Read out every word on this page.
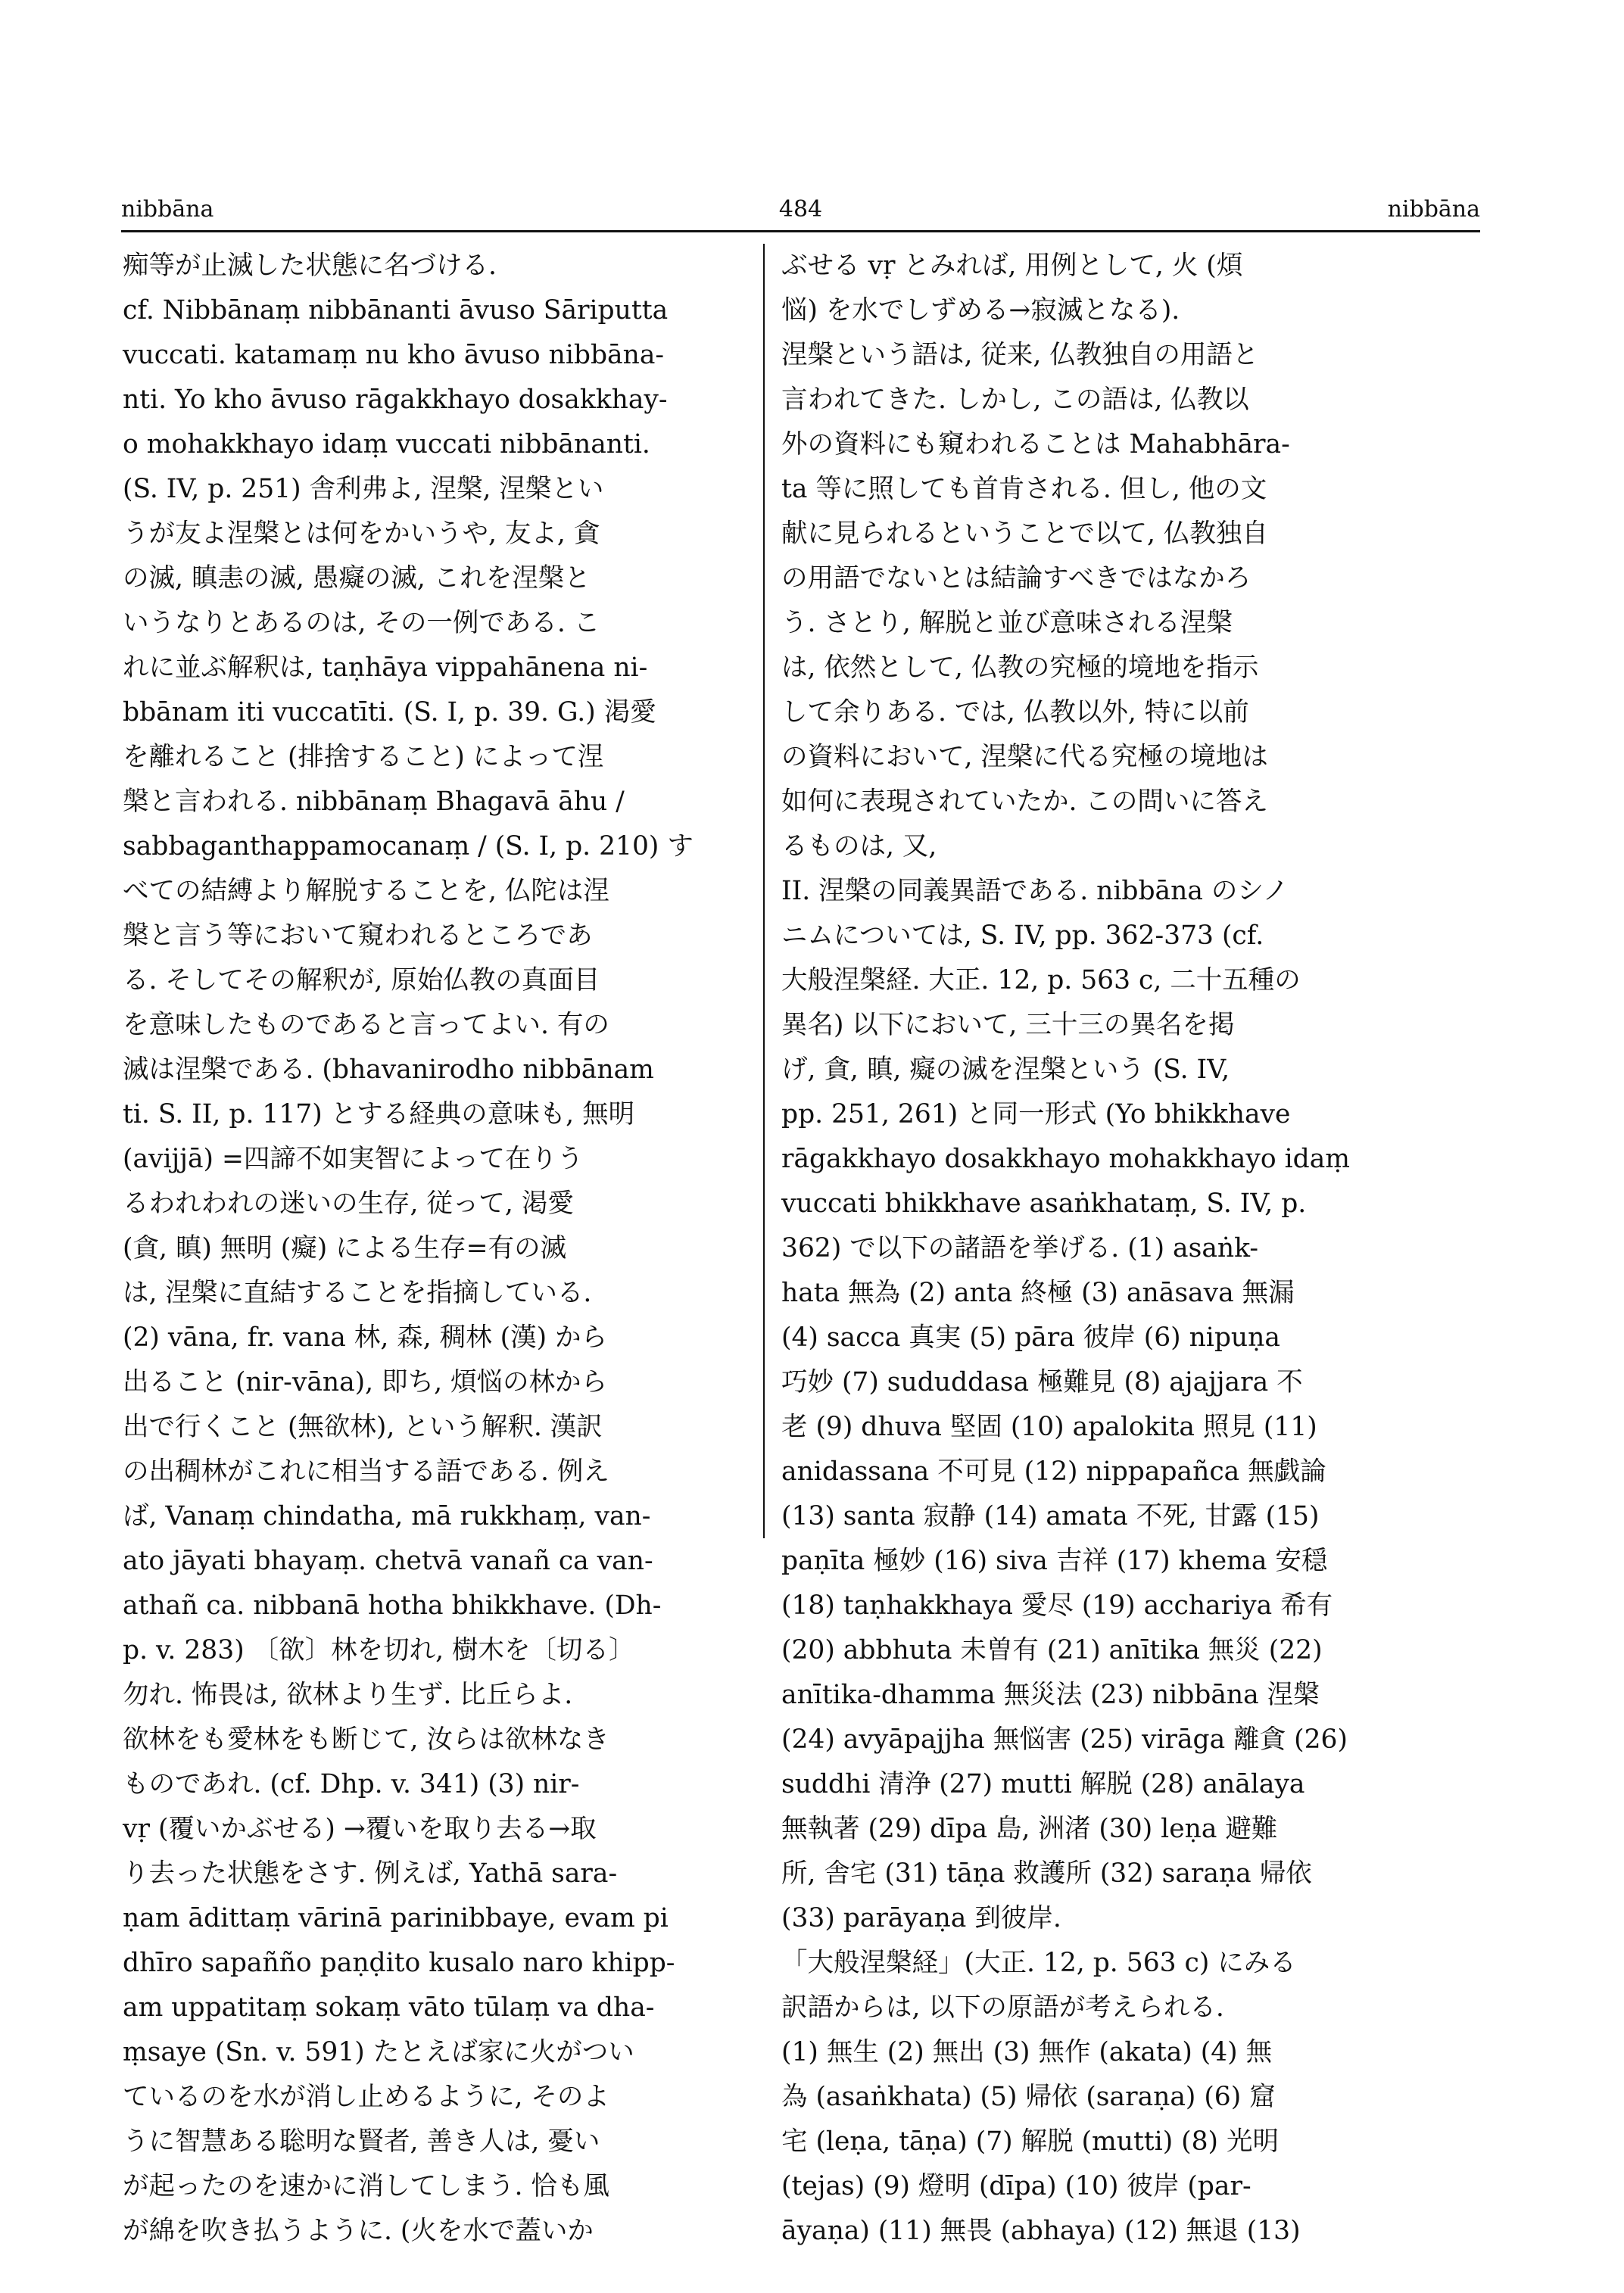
nibbāna	484	nibbāna
痴等が止滅した状態に名づける.
cf. Nibbānaṃ nibbānanti āvuso Sāriputta
vuccati. katamaṃ nu kho āvuso nibbāna-
nti. Yo kho āvuso rāgakkhayo dosakkhay-
o mohakkhayo idaṃ vuccati nibbānanti.
(S. IV, p. 251) 舎利弗よ, 涅槃, 涅槃とい
うが友よ涅槃とは何をかいうや, 友よ, 貪
の滅, 瞋恚の滅, 愚癡の滅, これを涅槃と
いうなりとあるのは, その一例である. こ
れに並ぶ解釈は, taṇhāya vippahānena ni-
bbānam iti vuccatīti. (S. I, p. 39. G.) 渇愛
を離れること (排捨すること) によって涅
槃と言われる. nibbānaṃ Bhagavā āhu /
sabbaganthappamocanaṃ / (S. I, p. 210) す
べての結縛より解脱することを, 仏陀は涅
槃と言う等において窺われるところであ
る. そしてその解釈が, 原始仏教の真面目
を意味したものであると言ってよい. 有の
滅は涅槃である. (bhavanirodho nibbānam
ti. S. II, p. 117) とする経典の意味も, 無明
(avijjā) =四諦不如実智によって在りう
るわれわれの迷いの生存, 従って, 渇愛
(貪, 瞋) 無明 (癡) による生存=有の滅
は, 涅槃に直結することを指摘している.
(2) vāna, fr. vana 林, 森, 稠林 (漢) から
出ること (nir-vāna), 即ち, 煩悩の林から
出で行くこと (無欲林), という解釈. 漢訳
の出稠林がこれに相当する語である. 例え
ば, Vanaṃ chindatha, mā rukkhaṃ, van-
ato jāyati bhayaṃ. chetvā vanañ ca van-
athañ ca. nibbanā hotha bhikkhave. (Dh-
p. v. 283) 〔欲〕林を切れ, 樹木を〔切る〕
勿れ. 怖畏は, 欲林より生ず. 比丘らよ.
欲林をも愛林をも断じて, 汝らは欲林なき
ものであれ. (cf. Dhp. v. 341) (3) nir-
vṛ (覆いかぶせる) →覆いを取り去る→取
り去った状態をさす. 例えば, Yathā sara-
ṇam ādittaṃ vārinā parinibbaye, evam pi
dhīro sapañño paṇḍito kusalo naro khipp-
am uppatitaṃ sokaṃ vāto tūlaṃ va dha-
ṃsaye (Sn. v. 591) たとえば家に火がつい
ているのを水が消し止めるように, そのよ
うに智慧ある聡明な賢者, 善き人は, 憂い
が起ったのを速かに消してしまう. 恰も風
が綿を吹き払うように. (火を水で蓋いか
ぶせる vṛ とみれば, 用例として, 火 (煩
悩) を水でしずめる→寂滅となる).
涅槃という語は, 従来, 仏教独自の用語と
言われてきた. しかし, この語は, 仏教以
外の資料にも窺われることは Mahabhāra-
ta 等に照しても首肯される. 但し, 他の文
献に見られるということで以て, 仏教独自
の用語でないとは結論すべきではなかろ
う. さとり, 解脱と並び意味される涅槃
は, 依然として, 仏教の究極的境地を指示
して余りある. では, 仏教以外, 特に以前
の資料において, 涅槃に代る究極の境地は
如何に表現されていたか. この問いに答え
るものは, 又,
II. 涅槃の同義異語である. nibbāna のシノ
ニムについては, S. IV, pp. 362-373 (cf.
大般涅槃経. 大正. 12, p. 563 c, 二十五種の
異名) 以下において, 三十三の異名を掲
げ, 貪, 瞋, 癡の滅を涅槃という (S. IV,
pp. 251, 261) と同一形式 (Yo bhikkhave
rāgakkhayo dosakkhayo mohakkhayo idaṃ
vuccati bhikkhave asaṅkhataṃ, S. IV, p.
362) で以下の諸語を挙げる. (1) asaṅk-
hata 無為 (2) anta 終極 (3) anāsava 無漏
(4) sacca 真実 (5) pāra 彼岸 (6) nipuṇa
巧妙 (7) sududdasa 極難見 (8) ajajjara 不
老 (9) dhuva 堅固 (10) apalokita 照見 (11)
anidassana 不可見 (12) nippapañca 無戯論
(13) santa 寂静 (14) amata 不死, 甘露 (15)
paṇīta 極妙 (16) siva 吉祥 (17) khema 安穏
(18) taṇhakkhaya 愛尽 (19) acchariya 希有
(20) abbhuta 未曽有 (21) anītika 無災 (22)
anītika-dhamma 無災法 (23) nibbāna 涅槃
(24) avyāpajjha 無悩害 (25) virāga 離貪 (26)
suddhi 清浄 (27) mutti 解脱 (28) anālaya
無執著 (29) dīpa 島, 洲渚 (30) leṇa 避難
所, 舎宅 (31) tāṇa 救護所 (32) saraṇa 帰依
(33) parāyaṇa 到彼岸.
「大般涅槃経」(大正. 12, p. 563 c) にみる
訳語からは, 以下の原語が考えられる.
(1) 無生 (2) 無出 (3) 無作 (akata) (4) 無
為 (asaṅkhata) (5) 帰依 (saraṇa) (6) 窟
宅 (leṇa, tāṇa) (7) 解脱 (mutti) (8) 光明
(tejas) (9) 燈明 (dīpa) (10) 彼岸 (par-
āyaṇa) (11) 無畏 (abhaya) (12) 無退 (13)
